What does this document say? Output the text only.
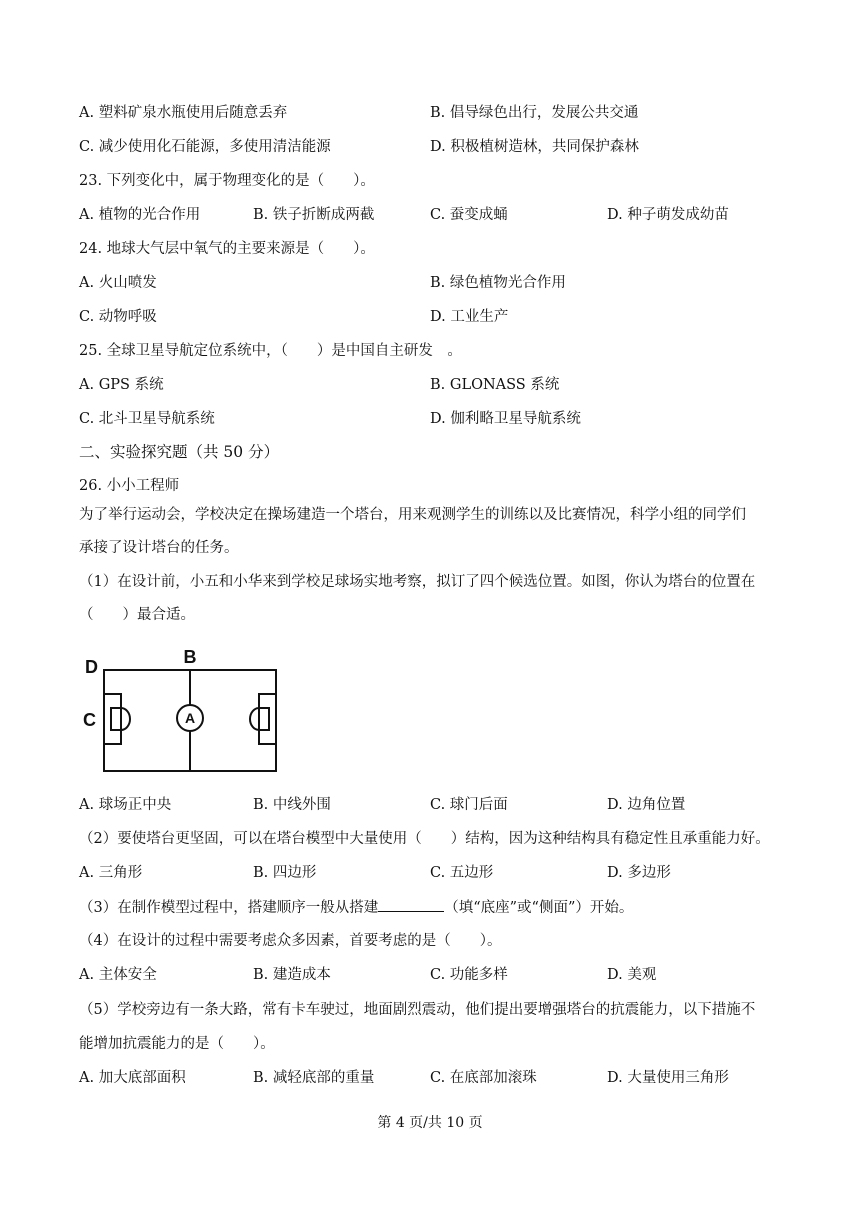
A. 塑料矿泉水瓶使用后随意丢弃	B. 倡导绿色出行，发展公共交通
C. 减少使用化石能源，多使用清洁能源	D. 积极植树造林，共同保护森林
23. 下列变化中，属于物理变化的是（　　）。
A. 植物的光合作用	B. 铁子折断成两截	C. 蚕变成蛹	D. 种子萌发成幼苗
24. 地球大气层中氧气的主要来源是（　　）。
A. 火山喷发	B. 绿色植物光合作用
C. 动物呼吸	D. 工业生产
25. 全球卫星导航定位系统中，（　　）是中国自主研发　。
A. GPS 系统	B. GLONASS 系统
C. 北斗卫星导航系统	D. 伽利略卫星导航系统
二、实验探究题（共 50 分）
26. 小小工程师
为了举行运动会，学校决定在操场建造一个塔台，用来观测学生的训练以及比赛情况，科学小组的同学们
承接了设计塔台的任务。
（1）在设计前，小五和小华来到学校足球场实地考察，拟订了四个候选位置。如图，你认为塔台的位置在
（　　）最合适。
A
B
D
C
A. 球场正中央	B. 中线外围	C. 球门后面	D. 边角位置
（2）要使塔台更坚固，可以在塔台模型中大量使用（　　）结构，因为这种结构具有稳定性且承重能力好。
A. 三角形	B. 四边形	C. 五边形	D. 多边形
（3）在制作模型过程中，搭建顺序一般从搭建	（填“底座”或“侧面”）开始。
（4）在设计的过程中需要考虑众多因素，首要考虑的是（　　）。
A. 主体安全	B. 建造成本	C. 功能多样	D. 美观
（5）学校旁边有一条大路，常有卡车驶过，地面剧烈震动，他们提出要增强塔台的抗震能力，以下措施不
能增加抗震能力的是（　　）。
A. 加大底部面积	B. 减轻底部的重量	C. 在底部加滚珠	D. 大量使用三角形
第 4 页/共 10 页
